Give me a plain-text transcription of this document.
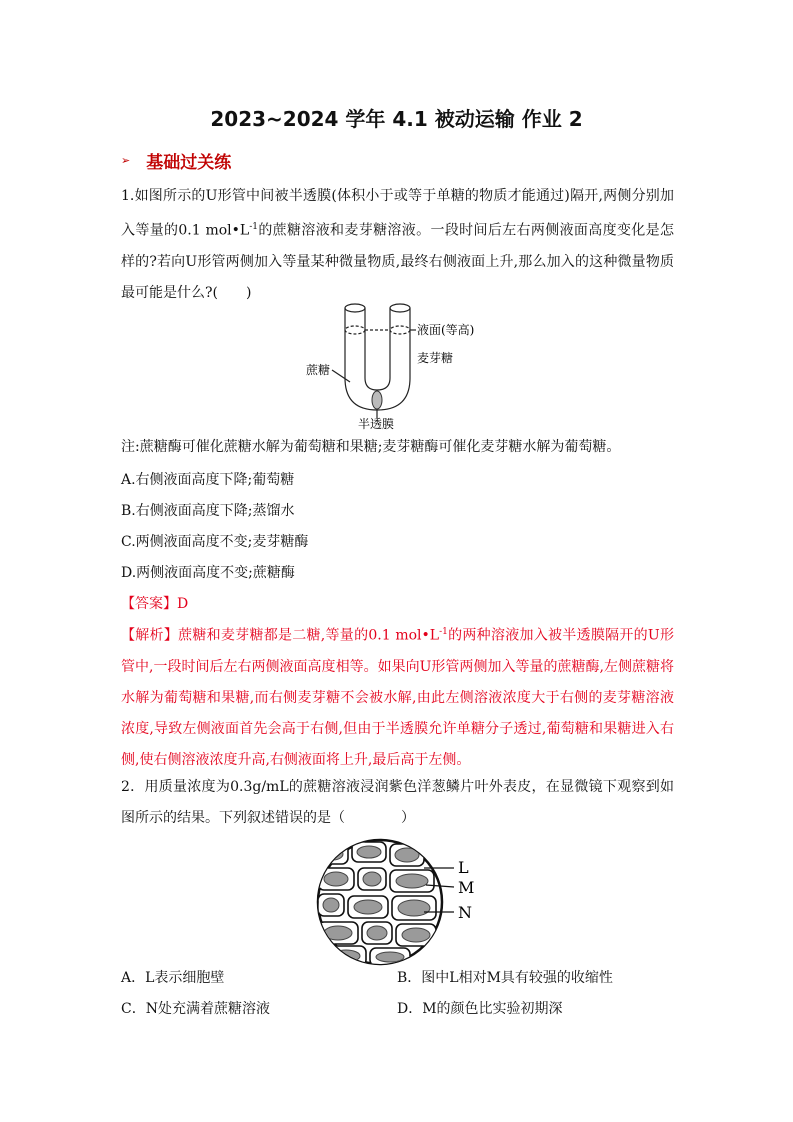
2023~2024 学年 4.1 被动运输 作业 2
➢ 基础过关练
1.如图所示的U形管中间被半透膜(体积小于或等于单糖的物质才能通过)隔开,两侧分别加入等量的0.1 $mol•L^{-1}$的蔗糖溶液和麦芽糖溶液。一段时间后左右两侧液面高度变化是怎样的?若向U形管两侧加入等量某种微量物质,最终右侧液面上升,那么加入的这种微量物质最可能是什么?(　　)
液面(等高)
麦芽糖
蔗糖
半透膜
注:蔗糖酶可催化蔗糖水解为葡萄糖和果糖;麦芽糖酶可催化麦芽糖水解为葡萄糖。
A.右侧液面高度下降;葡萄糖
B.右侧液面高度下降;蒸馏水
C.两侧液面高度不变;麦芽糖酶
D.两侧液面高度不变;蔗糖酶
【答案】D
【解析】蔗糖和麦芽糖都是二糖,等量的0.1 $mol•L^{-1}$的两种溶液加入被半透膜隔开的U形管中,一段时间后左右两侧液面高度相等。如果向U形管两侧加入等量的蔗糖酶,左侧蔗糖将水解为葡萄糖和果糖,而右侧麦芽糖不会被水解,由此左侧溶液浓度大于右侧的麦芽糖溶液浓度,导致左侧液面首先会高于右侧,但由于半透膜允许单糖分子透过,葡萄糖和果糖进入右侧,使右侧溶液浓度升高,右侧液面将上升,最后高于左侧。
2．用质量浓度为0.3g/mL的蔗糖溶液浸润紫色洋葱鳞片叶外表皮，在显微镜下观察到如图所示的结果。下列叙述错误的是（　　　　）
L
M
N
A．L表示细胞壁	B．图中L相对M具有较强的收缩性
C．N处充满着蔗糖溶液	D．M的颜色比实验初期深
